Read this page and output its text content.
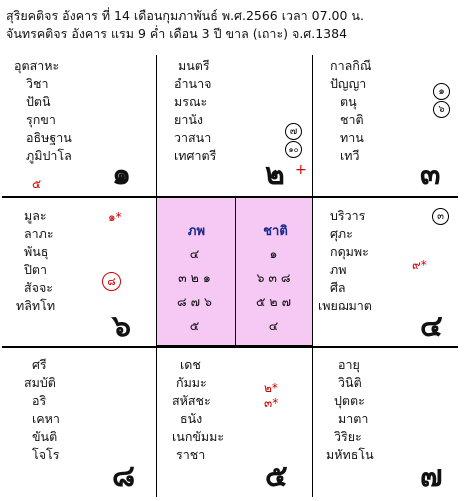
สุริยคติจร อังคาร ที่ 14 เดือนกุมภาพันธ์ พ.ศ.2566 เวลา 07.00 น.
จันทรคติจร อังคาร แรม 9 ค่ำ เดือน 3 ปี ขาล (เถาะ) จ.ศ.1384
อุตสาหะ
วิชา
ปัตนิ
รุกขา
อธิษฐาน
ภูมิปาโล
๕ ๑
มนตรี
อำนาจ
มรณะ
ยานัง
วาสนา
เทศาตรี
๗
๑๐
๒ +
กาลกิณี
ปัญญา
ตนุ
ชาติ
ทาน
เทวี
๑
๖
๓
มูละ
ลาภะ
พันธุ
ปิตา
สัจจะ
ทลิทโท
๑*
๘
๖
ภพ
๔
๓๒๑
๘๗๖
๕
ชาติ
๑
๖๓๘
๕๒๗
๔
บริวาร
ศุภะ
กดุมพะ
ภพ
ศีล
เพยฌมาต
๓
๙*
๔
ศรี
สมบัติ
อริ
เคหา
ขันติ
โจโร
๘
เดช
กัมมะ
สหัสชะ
ธนัง
เนกขัมมะ
ราชา
๒*
๓*
๕
อายุ
วินิติ
ปุตตะ
มาตา
วิริยะ
มหัทธโน
๗
